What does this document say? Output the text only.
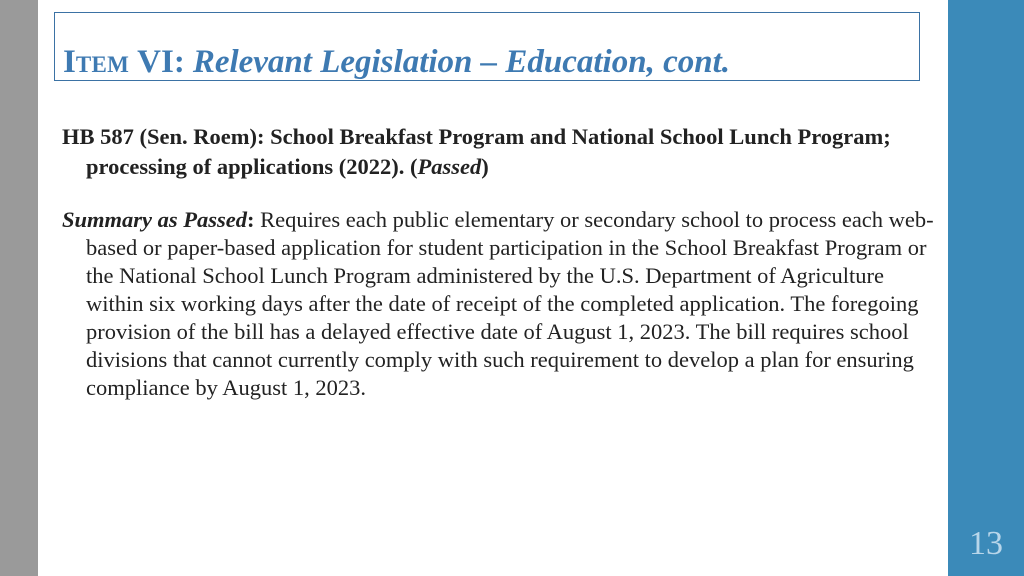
13
ITEM VI: Relevant Legislation – Education, cont.

HB 587 (Sen. Roem): School Breakfast Program and National School Lunch Program; processing of applications (2022). (Passed)

Summary as Passed: Requires each public elementary or secondary school to process each web-based or paper-based application for student participation in the School Breakfast Program or the National School Lunch Program administered by the U.S. Department of Agriculture within six working days after the date of receipt of the completed application. The foregoing provision of the bill has a delayed effective date of August 1, 2023. The bill requires school divisions that cannot currently comply with such requirement to develop a plan for ensuring compliance by August 1, 2023.
